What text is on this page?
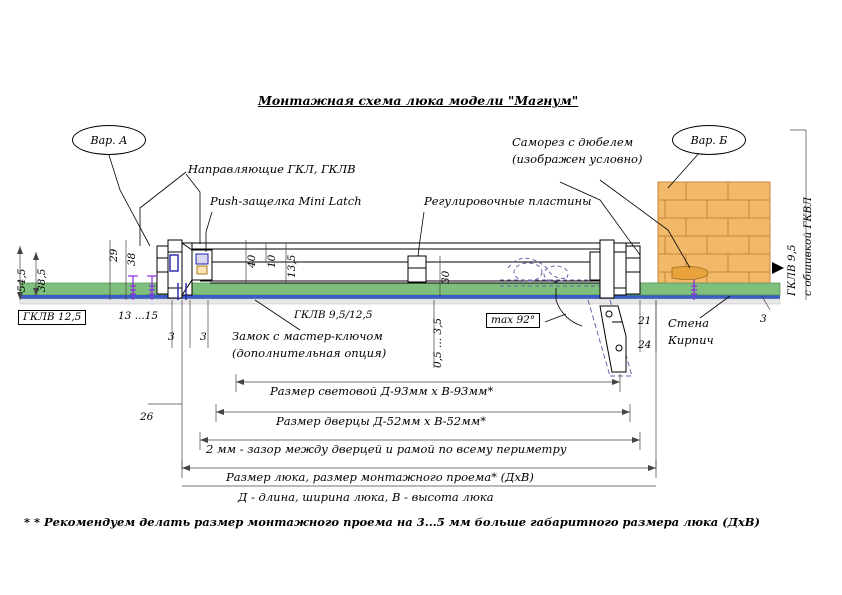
Монтажная схема люка модели "Магнум"
Вар. А	Вар. Б
Направляющие ГКЛ, ГКЛВ
Push-защелка Mini Latch	Регулировочные пластины
Саморез с дюбелем
(изображен условно)
Замок с мастер-ключом
(дополнительная опция)
Стена
Кирпич
max 92°
ГКЛВ 12,5	ГКЛВ 9,5/12,5
ГКЛВ 9,5 с обшивкой ГКВЛ
54,5 38,5
29 38	40 10 13,5	30
0,5 ... 3,5
13 ...15
3 3
26
21
24
3
Размер световой Д-93мм х В-93мм*
Размер дверцы Д-52мм х В-52мм*
2 мм - зазор между дверцей и рамой по всему периметру
Размер люка, размер монтажного проема* (ДхВ)
Д - длина, ширина люка, В - высота люка
* * Рекомендуем делать размер монтажного проема на 3...5 мм больше габаритного размера люка (ДхВ)
